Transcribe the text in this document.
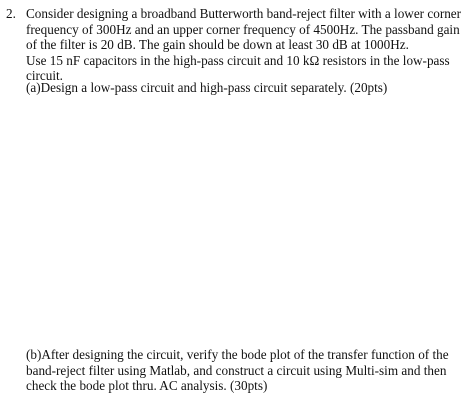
2. Consider designing a broadband Butterworth band-reject filter with a lower corner frequency of 300Hz and an upper corner frequency of 4500Hz. The passband gain of the filter is 20 dB. The gain should be down at least 30 dB at 1000Hz.

Use 15 nF capacitors in the high-pass circuit and 10 kΩ resistors in the low-pass circuit.

(a)Design a low-pass circuit and high-pass circuit separately. (20pts)

(b)After designing the circuit, verify the bode plot of the transfer function of the band-reject filter using Matlab, and construct a circuit using Multi-sim and then check the bode plot thru. AC analysis. (30pts)
